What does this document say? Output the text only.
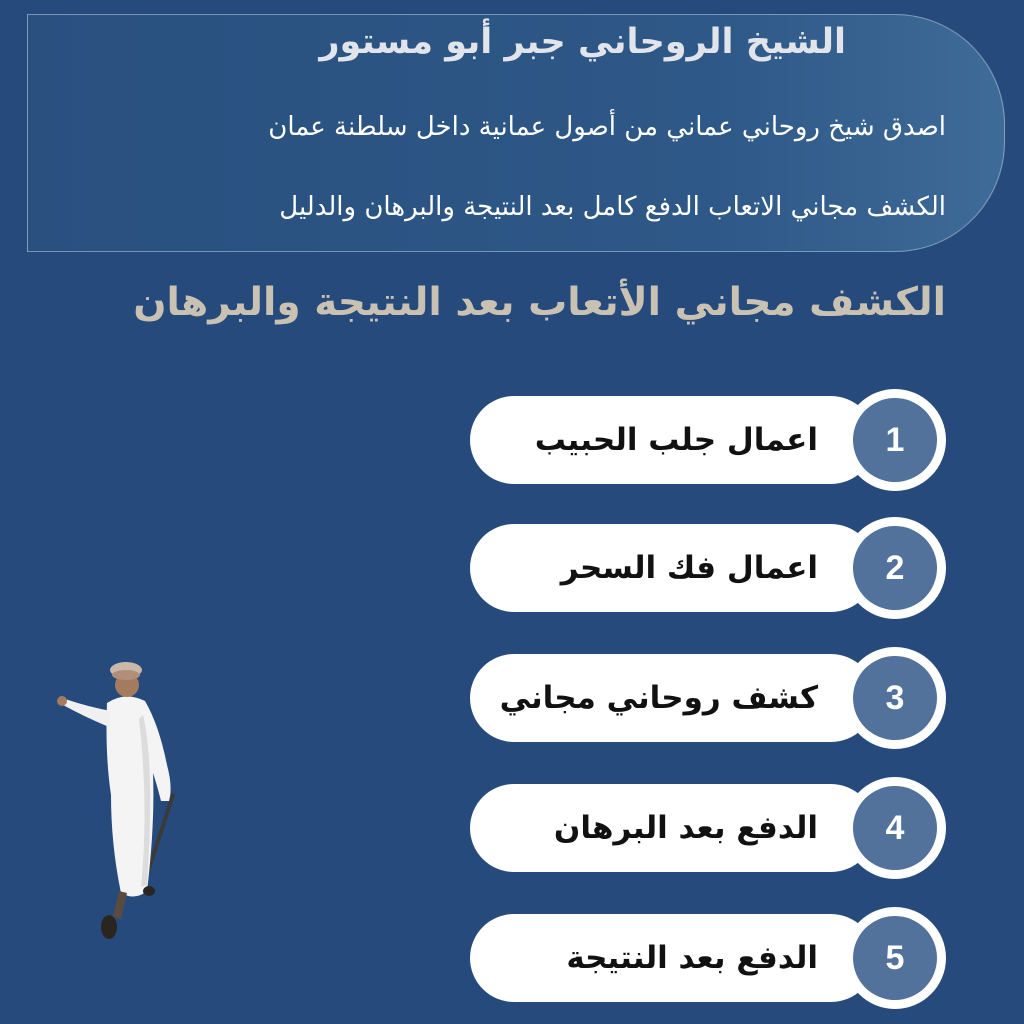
الشيخ الروحاني جبر أبو مستور

اصدق شيخ روحاني عماني من أصول عمانية داخل سلطنة عمان

الكشف مجاني الاتعاب الدفع كامل بعد النتيجة والبرهان والدليل

الكشف مجاني الأتعاب بعد النتيجة والبرهان
اعمال جلب الحبيب	1
اعمال فك السحر	2
كشف روحاني مجاني	3
الدفع بعد البرهان	4
الدفع بعد النتيجة	5
